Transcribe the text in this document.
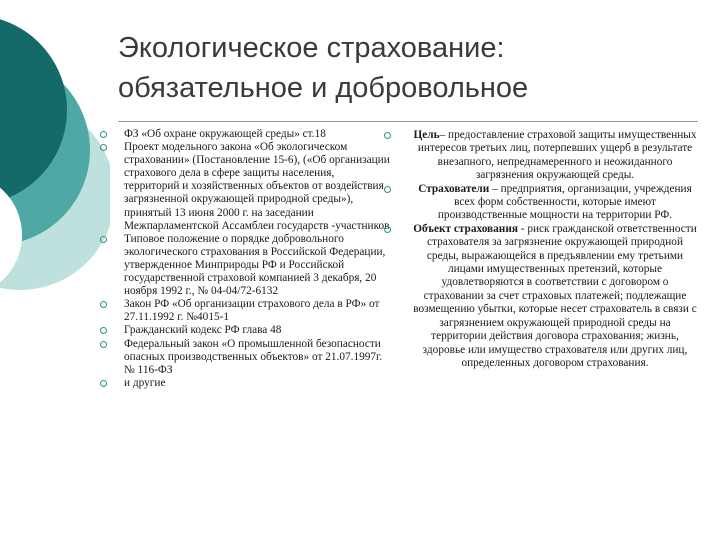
Экологическое страхование:
обязательное и добровольное
ФЗ «Об охране окружающей среды» ст.18
Проект модельного закона «Об экологическом страховании» (Постановление 15-6), («Об организации страхового дела в сфере защиты населения, территорий и хозяйственных объектов от воздействия загрязненной окружающей природной среды»), принятый 13 июня 2000 г. на заседании Межпарламентской Ассамблеи государств -участников
Типовое положение о порядке добровольного экологического страхования в Российской Федерации, утвержденное Минприроды РФ и Российской государственной страховой компанией 3 декабря, 20 ноября 1992 г., № 04-04/72-6132
Закон РФ «Об организации страхового дела в РФ» от 27.11.1992 г. №4015-1
Гражданский кодекс РФ глава 48
Федеральный закон «О промышленной безопасности опасных производственных объектов» от 21.07.1997г. № 116-ФЗ
и другие
Цель– предоставление страховой защиты имущественных интересов третьих лиц, потерпевших ущерб в результате внезапного, непреднамеренного и неожиданного загрязнения окружающей среды.
Страхователи – предприятия, организации, учреждения всех форм собственности, которые имеют производственные мощности на территории РФ.
Объект страхования - риск гражданской ответственности страхователя за загрязнение окружающей природной среды, выражающейся в предъявлении ему третьими лицами имущественных претензий, которые удовлетворяются в соответствии с договором о страховании за счет страховых платежей; подлежащие возмещению убытки, которые несет страхователь в связи с загрязнением окружающей природной среды на территории действия договора страхования; жизнь, здоровье или имущество страхователя или других лиц, определенных договором страхования.
